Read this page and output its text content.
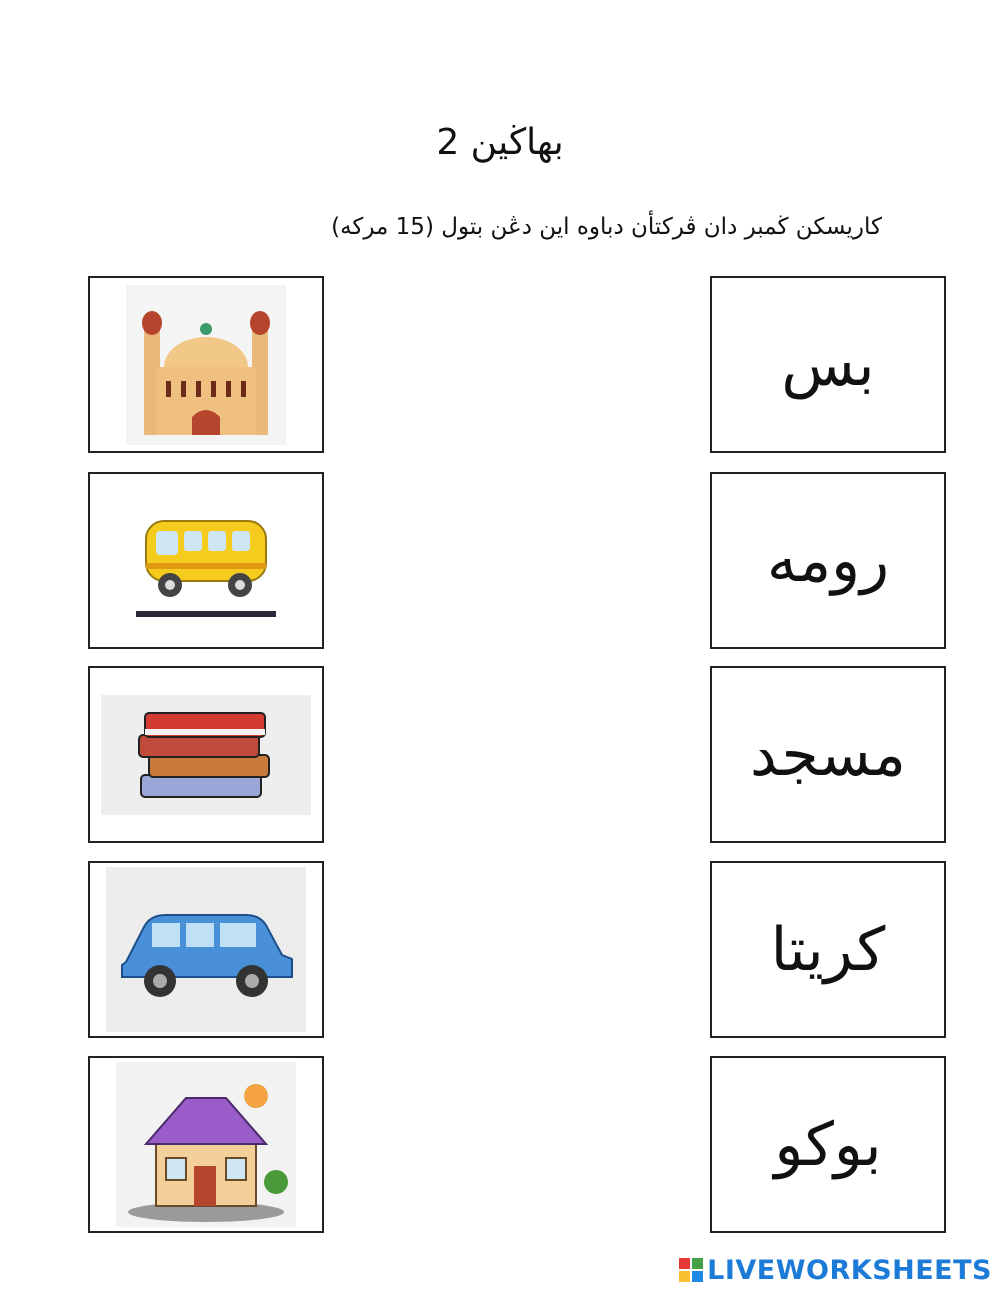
بهاڬين 2
كاريسكن ڬمبر دان ڤركتأن دباوه اين دڠن بتول (15 مركه)
بس
رومه
مسجد
كريتا
بوكو
LIVEWORKSHEETS
